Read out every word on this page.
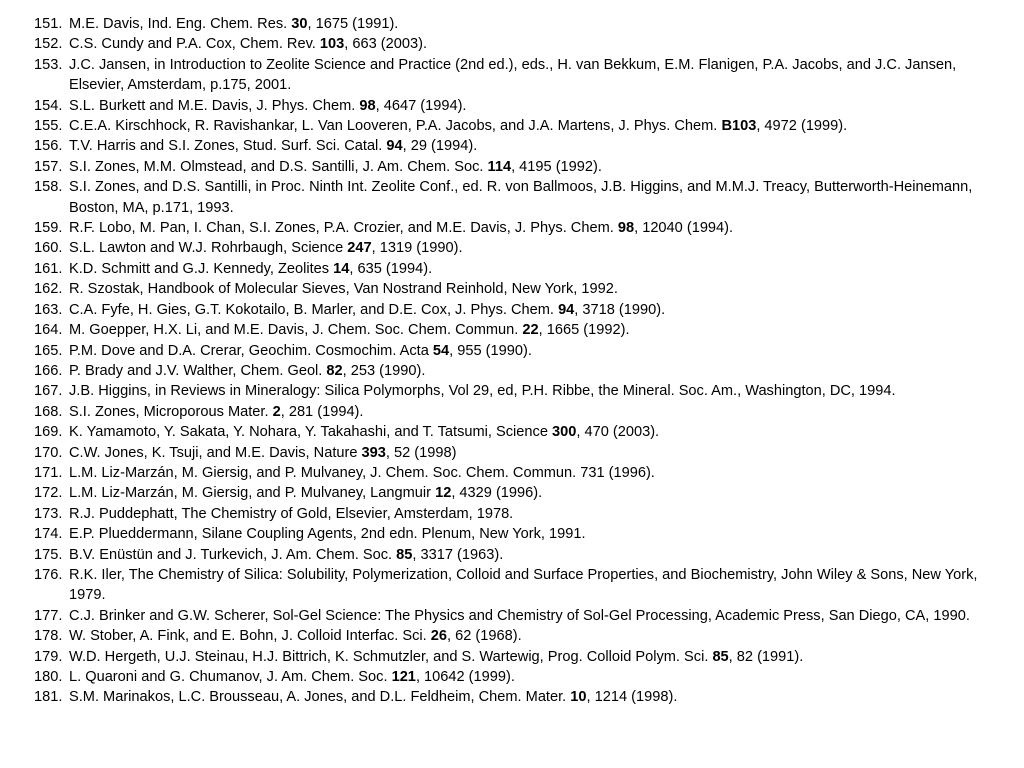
151. M.E. Davis, Ind. Eng. Chem. Res. 30, 1675 (1991).
152. C.S. Cundy and P.A. Cox, Chem. Rev. 103, 663 (2003).
153. J.C. Jansen, in Introduction to Zeolite Science and Practice (2nd ed.), eds., H. van Bekkum, E.M. Flanigen, P.A. Jacobs, and J.C. Jansen, Elsevier, Amsterdam, p.175, 2001.
154. S.L. Burkett and M.E. Davis, J. Phys. Chem. 98, 4647 (1994).
155. C.E.A. Kirschhock, R. Ravishankar, L. Van Looveren, P.A. Jacobs, and J.A. Martens, J. Phys. Chem. B103, 4972 (1999).
156. T.V. Harris and S.I. Zones, Stud. Surf. Sci. Catal. 94, 29 (1994).
157. S.I. Zones, M.M. Olmstead, and D.S. Santilli, J. Am. Chem. Soc. 114, 4195 (1992).
158. S.I. Zones, and D.S. Santilli, in Proc. Ninth Int. Zeolite Conf., ed. R. von Ballmoos, J.B. Higgins, and M.M.J. Treacy, Butterworth-Heinemann, Boston, MA, p.171, 1993.
159. R.F. Lobo, M. Pan, I. Chan, S.I. Zones, P.A. Crozier, and M.E. Davis, J. Phys. Chem. 98, 12040 (1994).
160. S.L. Lawton and W.J. Rohrbaugh, Science 247, 1319 (1990).
161. K.D. Schmitt and G.J. Kennedy, Zeolites 14, 635 (1994).
162. R. Szostak, Handbook of Molecular Sieves, Van Nostrand Reinhold, New York, 1992.
163. C.A. Fyfe, H. Gies, G.T. Kokotailo, B. Marler, and D.E. Cox, J. Phys. Chem. 94, 3718 (1990).
164. M. Goepper, H.X. Li, and M.E. Davis, J. Chem. Soc. Chem. Commun. 22, 1665 (1992).
165. P.M. Dove and D.A. Crerar, Geochim. Cosmochim. Acta 54, 955 (1990).
166. P. Brady and J.V. Walther, Chem. Geol. 82, 253 (1990).
167. J.B. Higgins, in Reviews in Mineralogy: Silica Polymorphs, Vol 29, ed, P.H. Ribbe, the Mineral. Soc. Am., Washington, DC, 1994.
168. S.I. Zones, Microporous Mater. 2, 281 (1994).
169. K. Yamamoto, Y. Sakata, Y. Nohara, Y. Takahashi, and T. Tatsumi, Science 300, 470 (2003).
170. C.W. Jones, K. Tsuji, and M.E. Davis, Nature 393, 52 (1998)
171. L.M. Liz-Marzán, M. Giersig, and P. Mulvaney, J. Chem. Soc. Chem. Commun. 731 (1996).
172. L.M. Liz-Marzán, M. Giersig, and P. Mulvaney, Langmuir 12, 4329 (1996).
173. R.J. Puddephatt, The Chemistry of Gold, Elsevier, Amsterdam, 1978.
174. E.P. Plueddermann, Silane Coupling Agents, 2nd edn. Plenum, New York, 1991.
175. B.V. Enüstün and J. Turkevich, J. Am. Chem. Soc. 85, 3317 (1963).
176. R.K. Iler, The Chemistry of Silica: Solubility, Polymerization, Colloid and Surface Properties, and Biochemistry, John Wiley & Sons, New York, 1979.
177. C.J. Brinker and G.W. Scherer, Sol-Gel Science: The Physics and Chemistry of Sol-Gel Processing, Academic Press, San Diego, CA, 1990.
178. W. Stober, A. Fink, and E. Bohn, J. Colloid Interfac. Sci. 26, 62 (1968).
179. W.D. Hergeth, U.J. Steinau, H.J. Bittrich, K. Schmutzler, and S. Wartewig, Prog. Colloid Polym. Sci. 85, 82 (1991).
180. L. Quaroni and G. Chumanov, J. Am. Chem. Soc. 121, 10642 (1999).
181. S.M. Marinakos, L.C. Brousseau, A. Jones, and D.L. Feldheim, Chem. Mater. 10, 1214 (1998).
